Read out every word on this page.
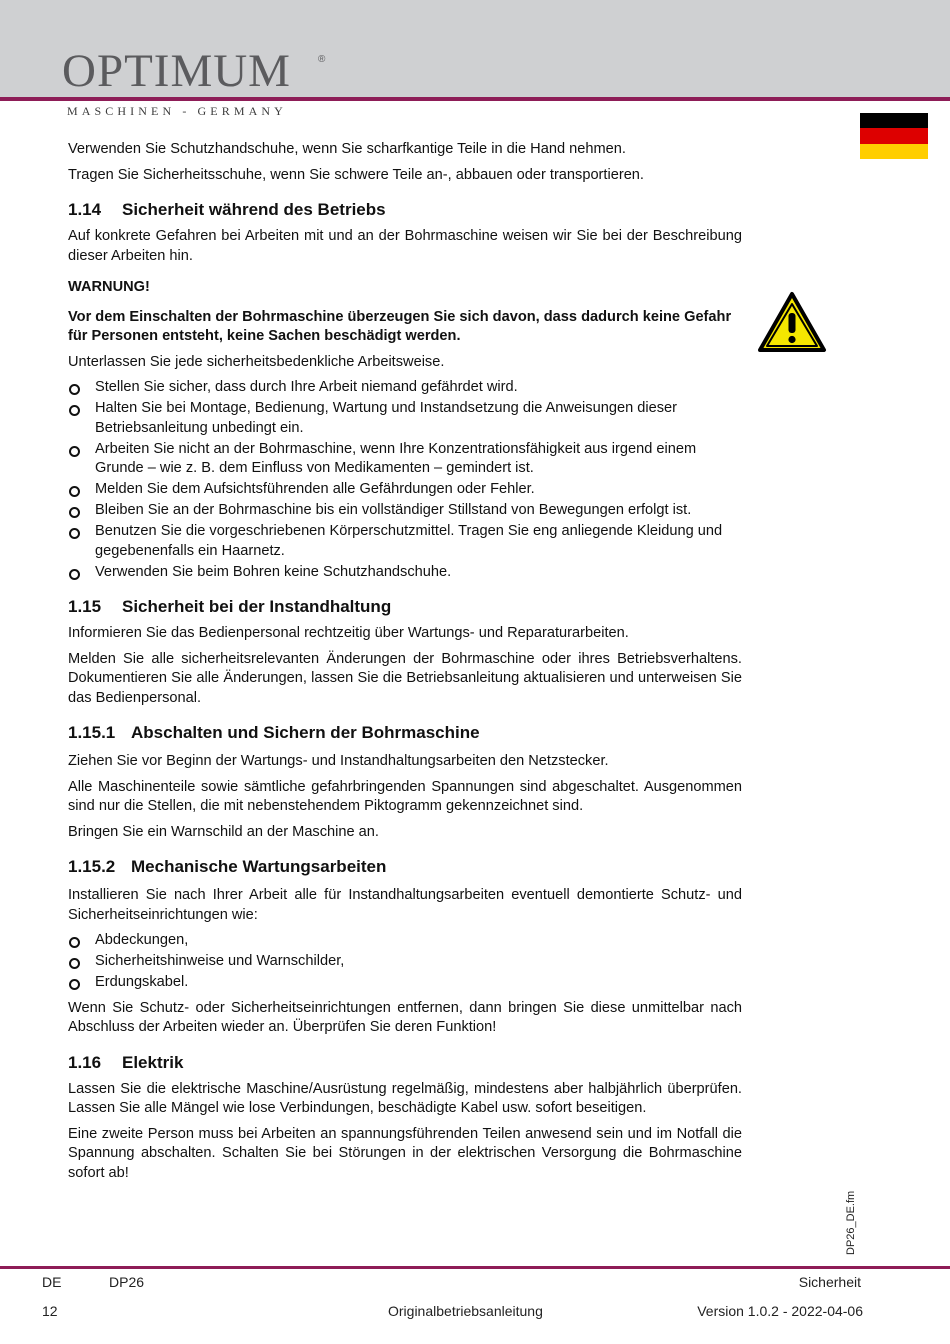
OPTIMUM	®
MASCHINEN - GERMANY

Verwenden Sie Schutzhandschuhe, wenn Sie scharfkantige Teile in die Hand nehmen.

Tragen Sie Sicherheitsschuhe, wenn Sie schwere Teile an-, abbauen oder transportieren.

1.14 Sicherheit während des Betriebs

Auf konkrete Gefahren bei Arbeiten mit und an der Bohrmaschine weisen wir Sie bei der Beschreibung dieser Arbeiten hin.

WARNUNG!

Vor dem Einschalten der Bohrmaschine überzeugen Sie sich davon, dass dadurch keine Gefahr für Personen entsteht, keine Sachen beschädigt werden.

Unterlassen Sie jede sicherheitsbedenkliche Arbeitsweise.

Stellen Sie sicher, dass durch Ihre Arbeit niemand gefährdet wird.
Halten Sie bei Montage, Bedienung, Wartung und Instandsetzung die Anweisungen dieser Betriebsanleitung unbedingt ein.
Arbeiten Sie nicht an der Bohrmaschine, wenn Ihre Konzentrationsfähigkeit aus irgend einem Grunde – wie z. B. dem Einfluss von Medikamenten – gemindert ist.
Melden Sie dem Aufsichtsführenden alle Gefährdungen oder Fehler.
Bleiben Sie an der Bohrmaschine bis ein vollständiger Stillstand von Bewegungen erfolgt ist.
Benutzen Sie die vorgeschriebenen Körperschutzmittel. Tragen Sie eng anliegende Kleidung und gegebenenfalls ein Haarnetz.
Verwenden Sie beim Bohren keine Schutzhandschuhe.
1.15 Sicherheit bei der Instandhaltung

Informieren Sie das Bedienpersonal rechtzeitig über Wartungs- und Reparaturarbeiten.

Melden Sie alle sicherheitsrelevanten Änderungen der Bohrmaschine oder ihres Betriebsverhaltens. Dokumentieren Sie alle Änderungen, lassen Sie die Betriebsanleitung aktualisieren und unterweisen Sie das Bedienpersonal.

1.15.1 Abschalten und Sichern der Bohrmaschine

Ziehen Sie vor Beginn der Wartungs- und Instandhaltungsarbeiten den Netzstecker.

Alle Maschinenteile sowie sämtliche gefahrbringenden Spannungen sind abgeschaltet. Ausgenommen sind nur die Stellen, die mit nebenstehendem Piktogramm gekennzeichnet sind.

Bringen Sie ein Warnschild an der Maschine an.

1.15.2 Mechanische Wartungsarbeiten

Installieren Sie nach Ihrer Arbeit alle für Instandhaltungsarbeiten eventuell demontierte Schutz- und Sicherheitseinrichtungen wie:

Abdeckungen,
Sicherheitshinweise und Warnschilder,
Erdungskabel.

Wenn Sie Schutz- oder Sicherheitseinrichtungen entfernen, dann bringen Sie diese unmittelbar nach Abschluss der Arbeiten wieder an. Überprüfen Sie deren Funktion!

1.16 Elektrik

Lassen Sie die elektrische Maschine/Ausrüstung regelmäßig, mindestens aber halbjährlich überprüfen. Lassen Sie alle Mängel wie lose Verbindungen, beschädigte Kabel usw. sofort beseitigen.

Eine zweite Person muss bei Arbeiten an spannungsführenden Teilen anwesend sein und im Notfall die Spannung abschalten. Schalten Sie bei Störungen in der elektrischen Versorgung die Bohrmaschine sofort ab!

DP26_DE.fm
DE	DP26	Sicherheit
12	Originalbetriebsanleitung	Version 1.0.2 - 2022-04-06
